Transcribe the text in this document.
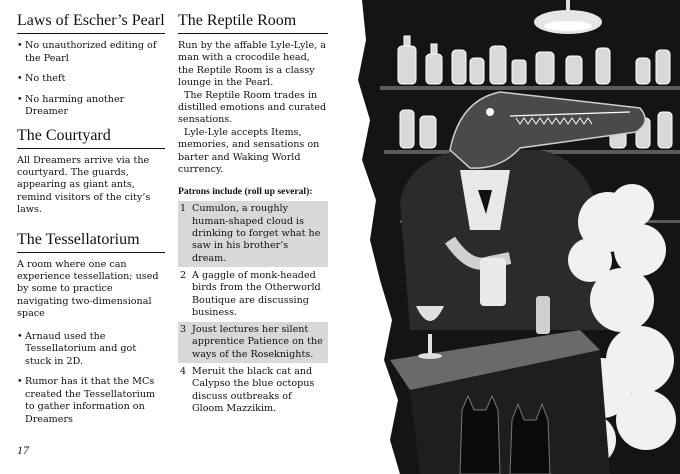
Laws of Escher’s Pearl
• No unauthorized editing of the Pearl
• No theft
• No harming another Dreamer
The Courtyard

All Dreamers arrive via the courtyard. The guards, appearing as giant ants, remind visitors of the city’s laws.

The Tessellatorium

A room where one can experience tessellation; used by some to practice navigating two-dimensional space

• Arnaud used the Tessellatorium and got stuck in 2D.
• Rumor has it that the MCs created the Tessellatorium to gather information on Dreamers
The Reptile Room

Run by the affable Lyle-Lyle, a man with a crocodile head, the Reptile Room is a classy lounge in the Pearl.

The Reptile Room trades in distilled emotions and curated sensations.

Lyle-Lyle accepts Items, memories, and sensations on barter and Waking World currency.

Patrons include (roll up several):
1 Cumulon, a roughly human-shaped cloud is drinking to forget what he saw in his brother’s dream.
2 A gaggle of monk-headed birds from the Otherworld Boutique are discussing business.
3 Joust lectures her silent apprentice Patience on the ways of the Roseknights.
4 Meruit the black cat and Calypso the blue octopus discuss outbreaks of Gloom Mazzikim.
17
